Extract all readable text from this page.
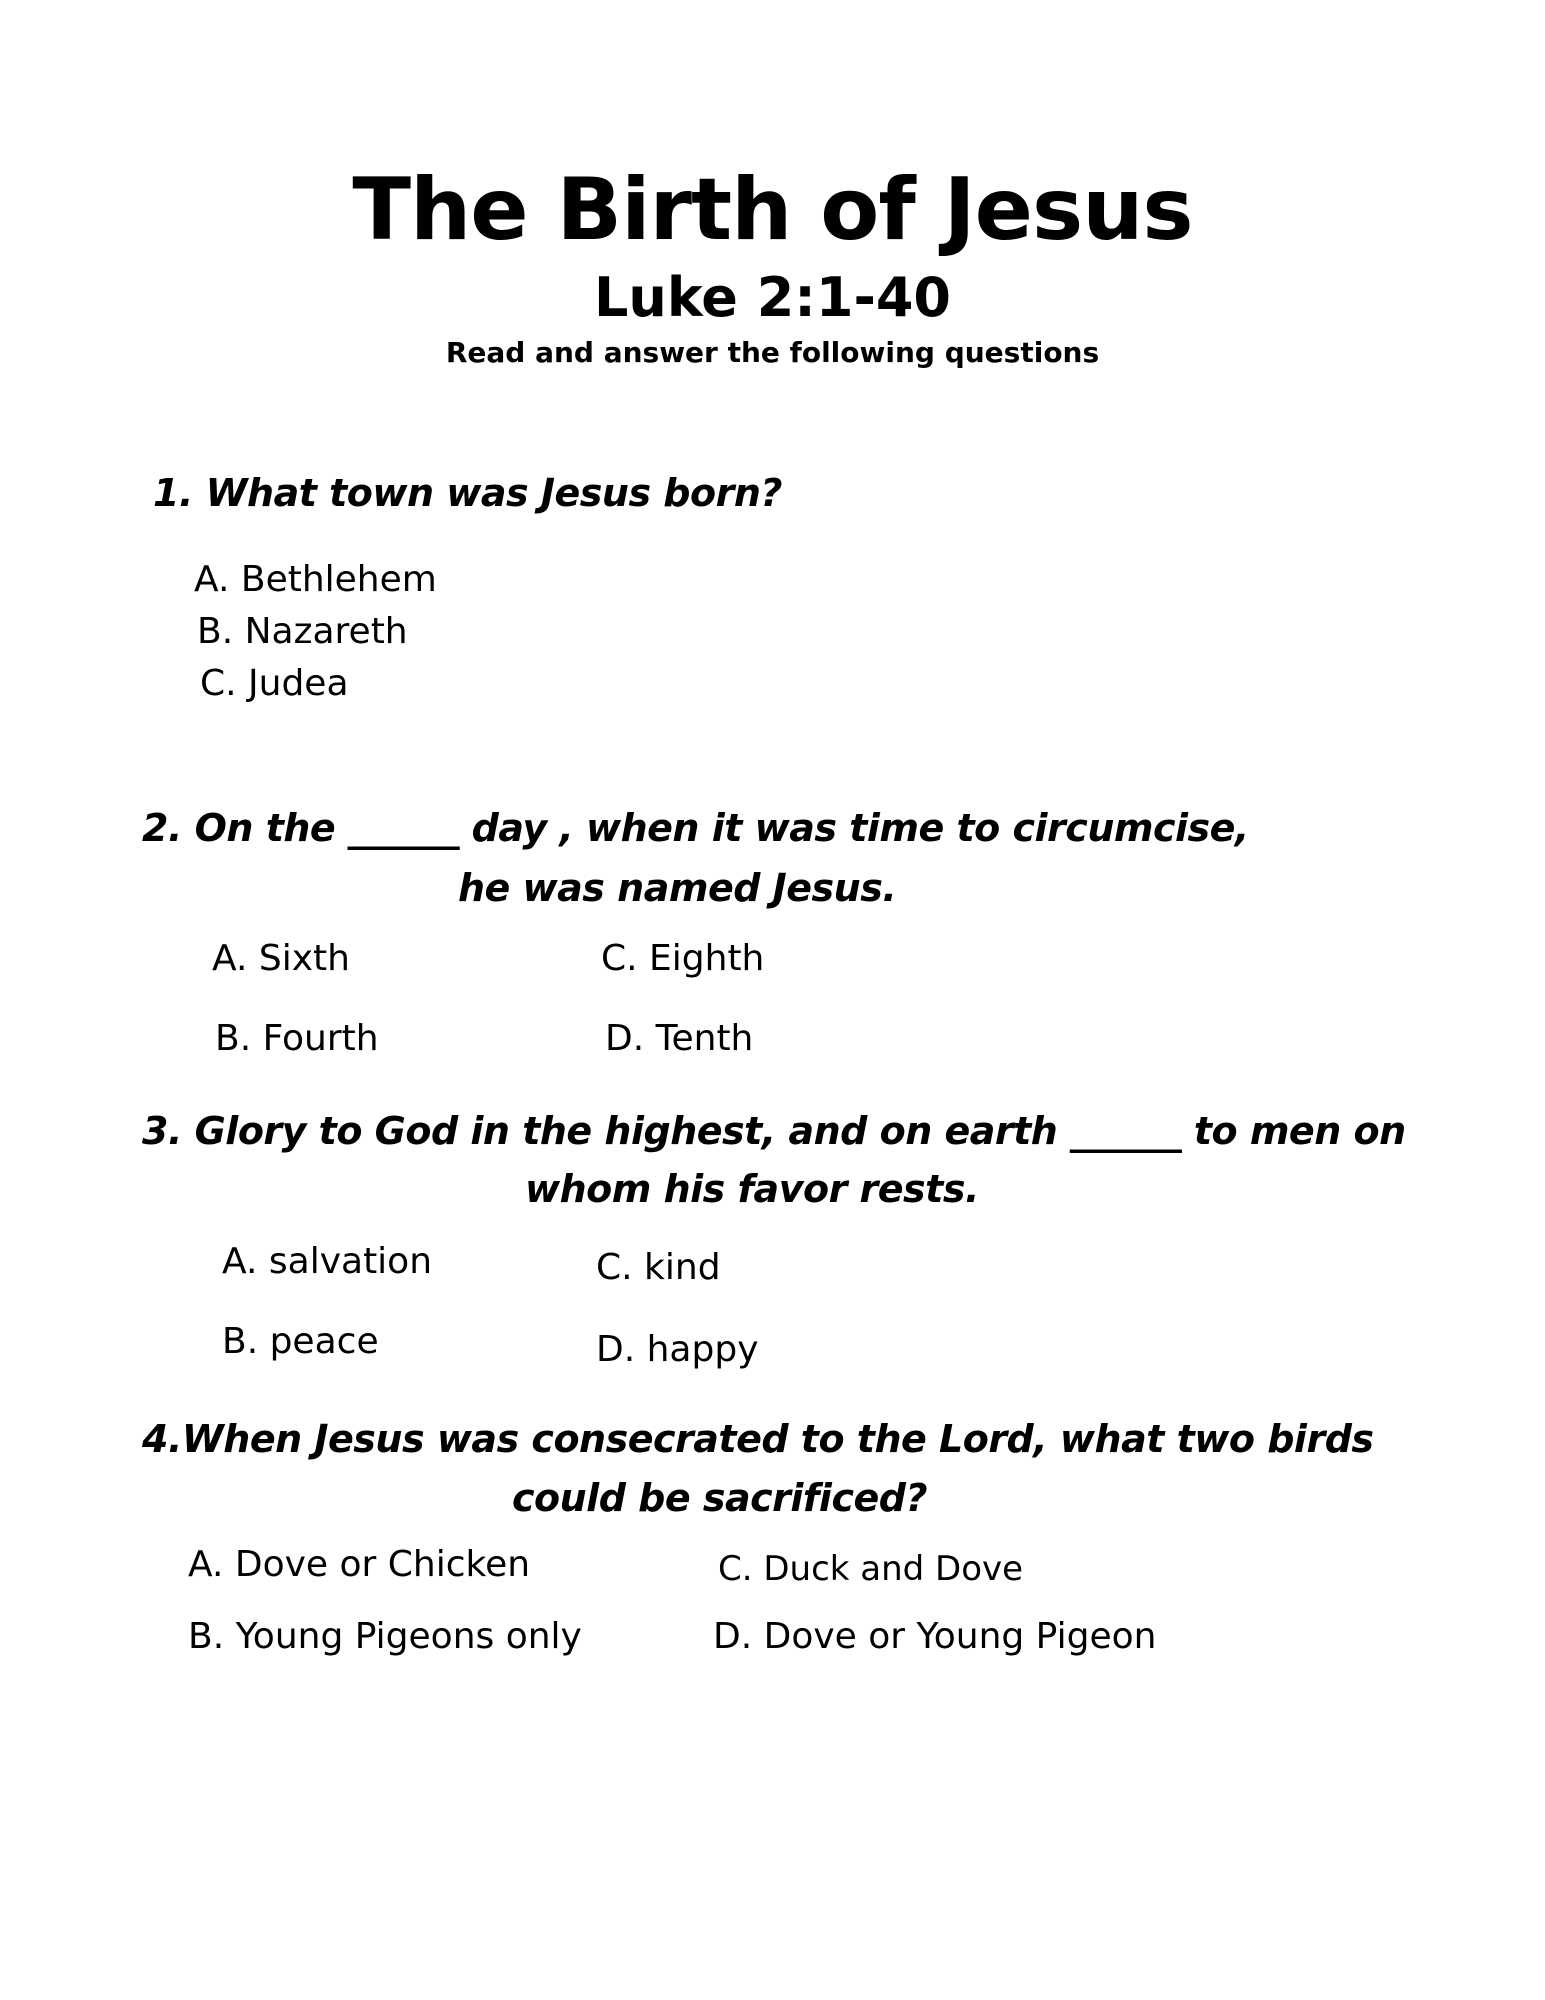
The Birth of Jesus
Luke 2:1-40
Read and answer the following questions
1. What town was Jesus born?
A. Bethlehem
B. Nazareth
C. Judea
2. On the ______ day , when it was time to circumcise,
he was named Jesus.
A. Sixth	C. Eighth
B. Fourth	D. Tenth
3. Glory to God in the highest, and on earth ______ to men on
whom his favor rests.
A. salvation	C. kind
B. peace	D. happy
4.When Jesus was consecrated to the Lord, what two birds
could be sacrificed?
A. Dove or Chicken	C. Duck and Dove
B. Young Pigeons only	D. Dove or Young Pigeon
